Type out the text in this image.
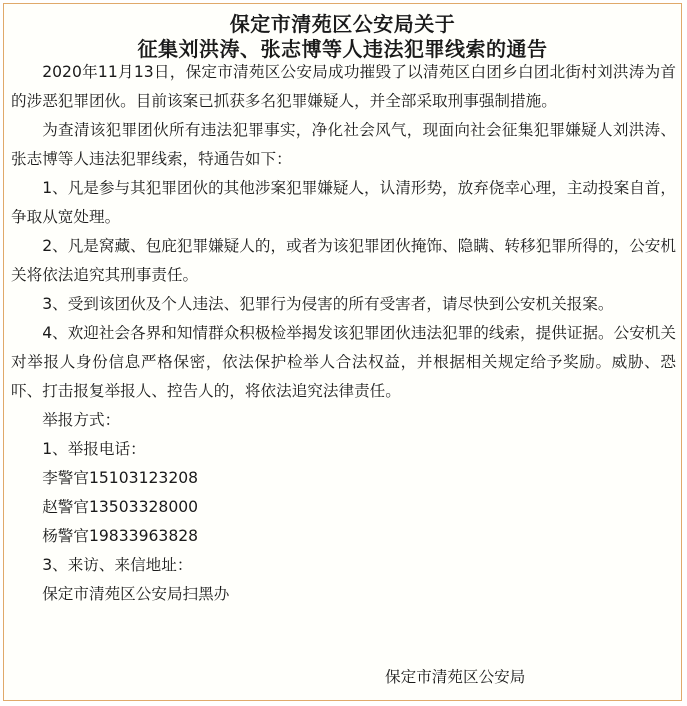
保定市清苑区公安局关于
征集刘洪涛、张志博等人违法犯罪线索的通告

2020年11月13日，保定市清苑区公安局成功摧毁了以清苑区白团乡白团北街村刘洪涛为首的涉恶犯罪团伙。目前该案已抓获多名犯罪嫌疑人，并全部采取刑事强制措施。

为查清该犯罪团伙所有违法犯罪事实，净化社会风气，现面向社会征集犯罪嫌疑人刘洪涛、张志博等人违法犯罪线索，特通告如下：

1、凡是参与其犯罪团伙的其他涉案犯罪嫌疑人，认清形势，放弃侥幸心理，主动投案自首，争取从宽处理。

2、凡是窝藏、包庇犯罪嫌疑人的，或者为该犯罪团伙掩饰、隐瞒、转移犯罪所得的，公安机关将依法追究其刑事责任。

3、受到该团伙及个人违法、犯罪行为侵害的所有受害者，请尽快到公安机关报案。

4、欢迎社会各界和知情群众积极检举揭发该犯罪团伙违法犯罪的线索，提供证据。公安机关对举报人身份信息严格保密，依法保护检举人合法权益，并根据相关规定给予奖励。威胁、恐吓、打击报复举报人、控告人的，将依法追究法律责任。

举报方式：

1、举报电话：

李警官15103123208

赵警官13503328000

杨警官19833963828

3、来访、来信地址：

保定市清苑区公安局扫黑办

保定市清苑区公安局
